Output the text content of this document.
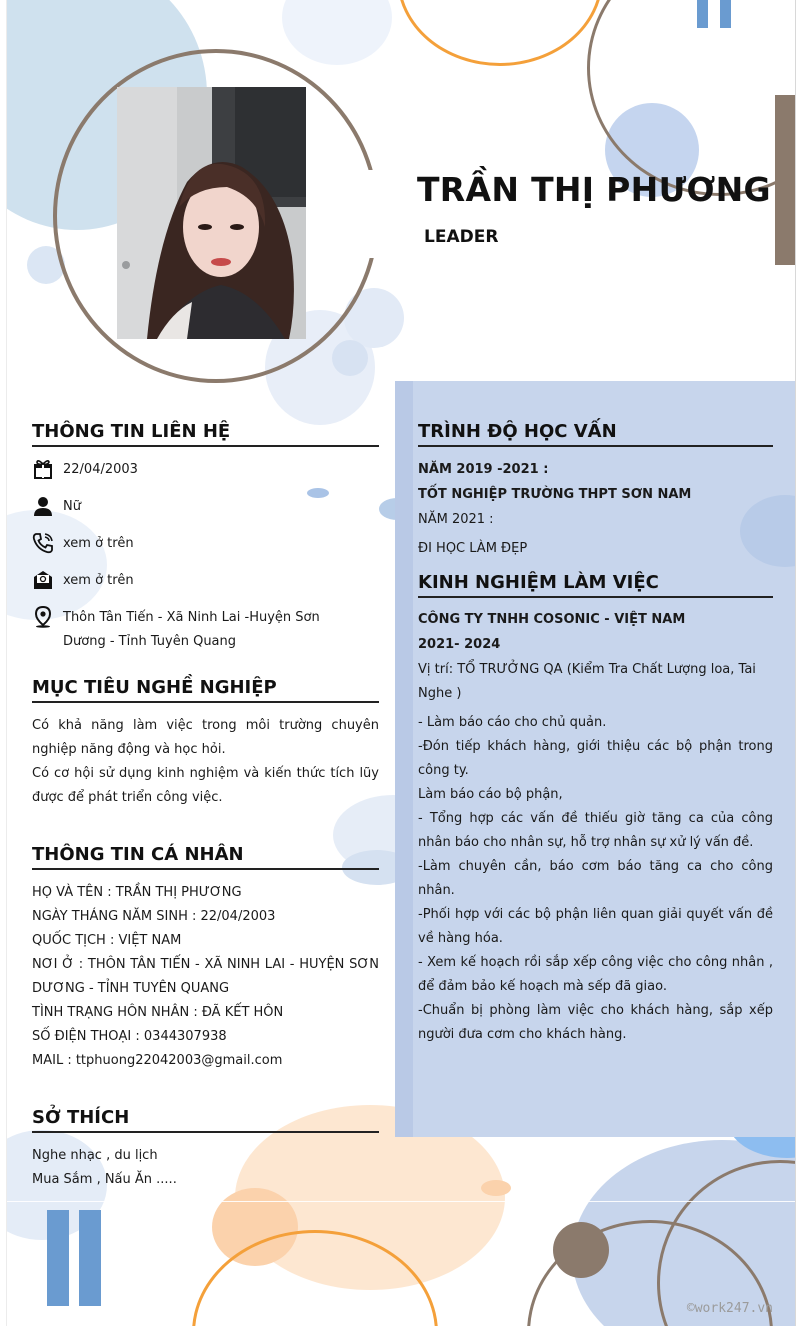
TRẦN THỊ PHƯƠNG
LEADER
THÔNG TIN LIÊN HỆ
22/04/2003
Nữ
xem ở trên
xem ở trên
Thôn Tân Tiến - Xã Ninh Lai -Huyện Sơn
Dương - Tỉnh Tuyên Quang
MỤC TIÊU NGHỀ NGHIỆP
Có khả năng làm việc trong môi trường chuyên nghiệp năng động và học hỏi.
Có cơ hội sử dụng kinh nghiệm và kiến thức tích lũy được để phát triển công việc.
THÔNG TIN CÁ NHÂN
HỌ VÀ TÊN : TRẦN THỊ PHƯƠNG
NGÀY THÁNG NĂM SINH : 22/04/2003
QUỐC TỊCH : VIỆT NAM
NƠI Ở : THÔN TÂN TIẾN - XÃ NINH LAI - HUYỆN SƠN DƯƠNG - TỈNH TUYÊN QUANG
TÌNH TRẠNG HÔN NHÂN : ĐÃ KẾT HÔN
SỐ ĐIỆN THOẠI : 0344307938
MAIL : ttphuong22042003@gmail.com
SỞ THÍCH
Nghe nhạc , du lịch
Mua Sắm , Nấu Ăn .....
TRÌNH ĐỘ HỌC VẤN
NĂM 2019 -2021 :
TỐT NGHIỆP TRƯỜNG THPT SƠN NAM
NĂM 2021 :
ĐI HỌC LÀM ĐẸP
KINH NGHIỆM LÀM VIỆC
CÔNG TY TNHH COSONIC - VIỆT NAM
2021- 2024
Vị trí: TỔ TRƯỞNG QA (Kiểm Tra Chất Lượng loa, Tai Nghe )
- Làm báo cáo cho chủ quản.
-Đón tiếp khách hàng, giới thiệu các bộ phận trong công ty.
Làm báo cáo bộ phận,
- Tổng hợp các vấn đề thiếu giờ tăng ca của công nhân báo cho nhân sự, hỗ trợ nhân sự xử lý vấn đề.
-Làm chuyên cần, báo cơm báo tăng ca cho công nhân.
-Phối hợp với các bộ phận liên quan giải quyết vấn đề về hàng hóa.
- Xem kế hoạch rồi sắp xếp công việc cho công nhân , để đảm bảo kế hoạch mà sếp đã giao.
-Chuẩn bị phòng làm việc cho khách hàng, sắp xếp người đưa cơm cho khách hàng.
©work247.vn
